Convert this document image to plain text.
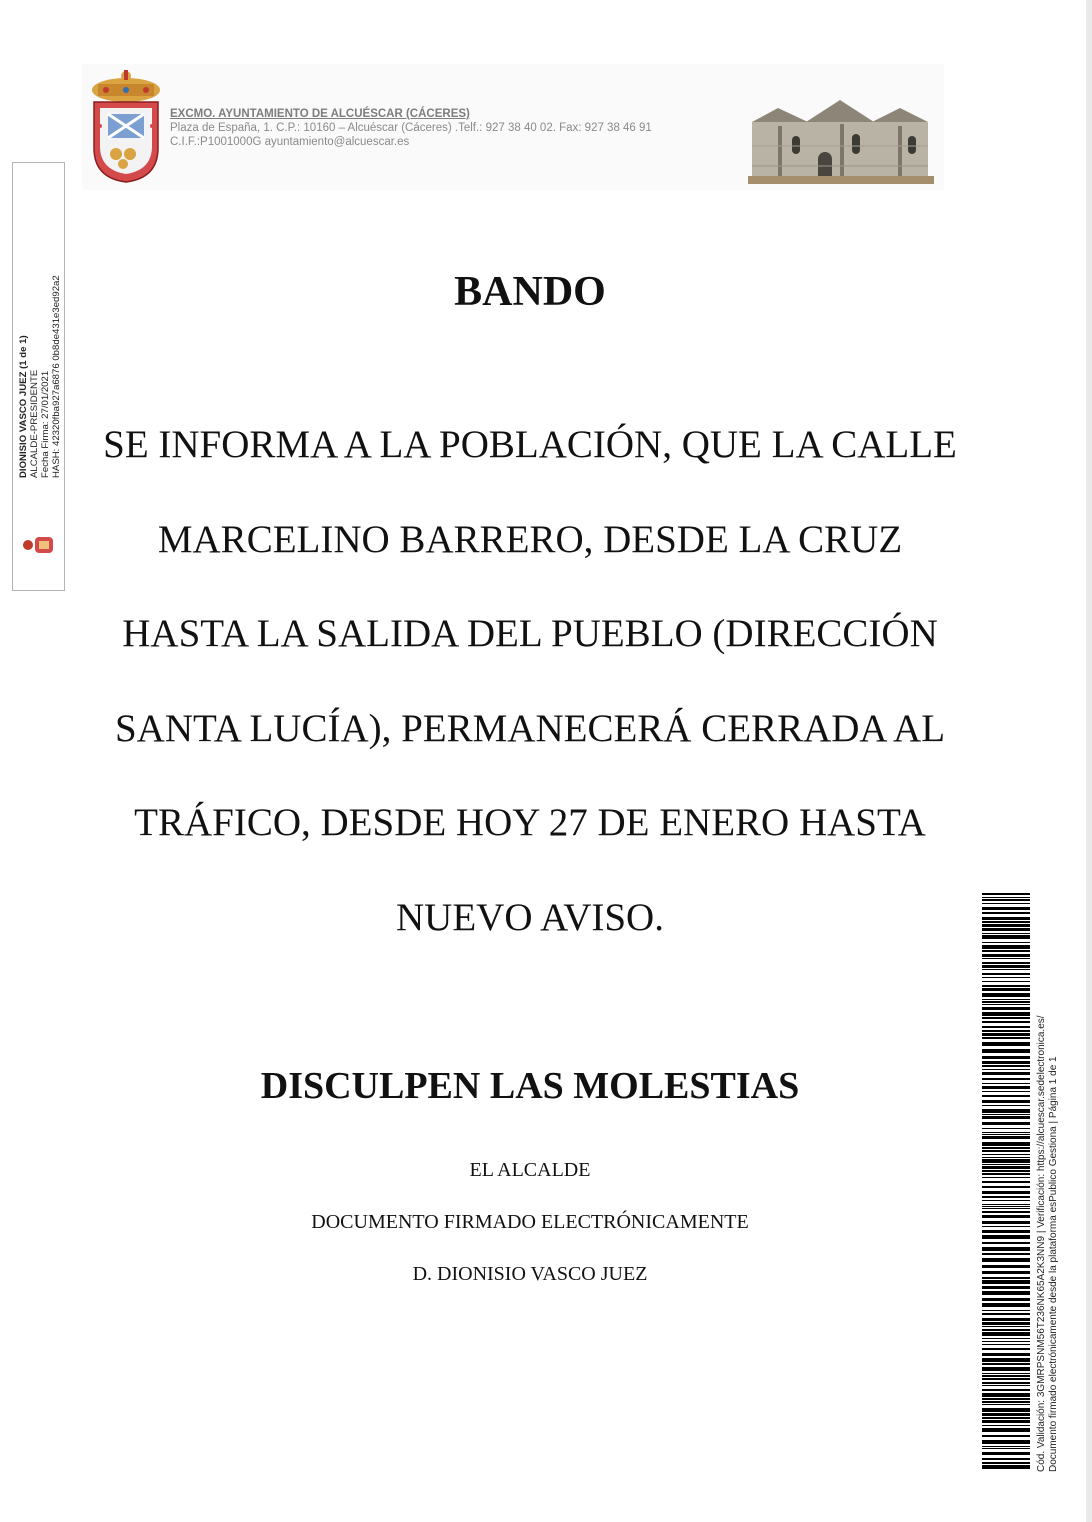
EXCMO. AYUNTAMIENTO DE ALCUÉSCAR (CÁCERES)
Plaza de España, 1. C.P.: 10160 – Alcuéscar (Cáceres) .Telf.: 927 38 40 02. Fax: 927 38 46 91
C.I.F.:P1001000G ayuntamiento@alcuescar.es
DIONISIO VASCO JUEZ (1 de 1) ALCALDE-PRESIDENTE Fecha Firma: 27/01/2021 HASH: 42320fba927a6876 0b8de431e3ed92a2	BANDO
SE INFORMA A LA POBLACIÓN, QUE LA CALLE
MARCELINO BARRERO, DESDE LA CRUZ
HASTA LA SALIDA DEL PUEBLO (DIRECCIÓN
SANTA LUCÍA), PERMANECERÁ CERRADA AL
TRÁFICO, DESDE HOY 27 DE ENERO HASTA
NUEVO AVISO.
DISCULPEN LAS MOLESTIAS
EL ALCALDE
DOCUMENTO FIRMADO ELECTRÓNICAMENTE
D. DIONISIO VASCO JUEZ	Cód. Validación: 3GMRPSNM56T236NK65A2K3NN9 | Verificación: https://alcuescar.sedelectronica.es/ Documento firmado electrónicamente desde la plataforma esPublico Gestiona | Página 1 de 1
